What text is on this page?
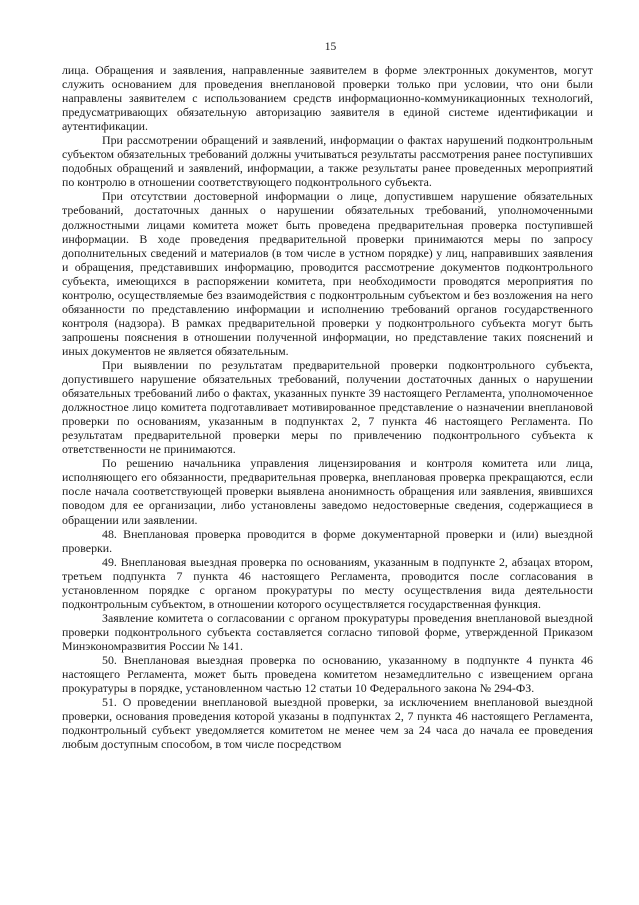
15

лица. Обращения и заявления, направленные заявителем в форме электронных документов, могут служить основанием для проведения внеплановой проверки только при условии, что они были направлены заявителем с использованием средств информационно-коммуникационных технологий, предусматривающих обязательную авторизацию заявителя в единой системе идентификации и аутентификации.

При рассмотрении обращений и заявлений, информации о фактах нарушений подконтрольным субъектом обязательных требований должны учитываться результаты рассмотрения ранее поступивших подобных обращений и заявлений, информации, а также результаты ранее проведенных мероприятий по контролю в отношении соответствующего подконтрольного субъекта.

При отсутствии достоверной информации о лице, допустившем нарушение обязательных требований, достаточных данных о нарушении обязательных требований, уполномоченными должностными лицами комитета может быть проведена предварительная проверка поступившей информации. В ходе проведения предварительной проверки принимаются меры по запросу дополнительных сведений и материалов (в том числе в устном порядке) у лиц, направивших заявления и обращения, представивших информацию, проводится рассмотрение документов подконтрольного субъекта, имеющихся в распоряжении комитета, при необходимости проводятся мероприятия по контролю, осуществляемые без взаимодействия с подконтрольным субъектом и без возложения на него обязанности по представлению информации и исполнению требований органов государственного контроля (надзора). В рамках предварительной проверки у подконтрольного субъекта могут быть запрошены пояснения в отношении полученной информации, но представление таких пояснений и иных документов не является обязательным.

При выявлении по результатам предварительной проверки подконтрольного субъекта, допустившего нарушение обязательных требований, получении достаточных данных о нарушении обязательных требований либо о фактах, указанных пункте 39 настоящего Регламента, уполномоченное должностное лицо комитета подготавливает мотивированное представление о назначении внеплановой проверки по основаниям, указанным в подпунктах 2, 7 пункта 46 настоящего Регламента. По результатам предварительной проверки меры по привлечению подконтрольного субъекта к ответственности не принимаются.

По решению начальника управления лицензирования и контроля комитета или лица, исполняющего его обязанности, предварительная проверка, внеплановая проверка прекращаются, если после начала соответствующей проверки выявлена анонимность обращения или заявления, явившихся поводом для ее организации, либо установлены заведомо недостоверные сведения, содержащиеся в обращении или заявлении.

48. Внеплановая проверка проводится в форме документарной проверки и (или) выездной проверки.

49. Внеплановая выездная проверка по основаниям, указанным в подпункте 2, абзацах втором, третьем подпункта 7 пункта 46 настоящего Регламента, проводится после согласования в установленном порядке с органом прокуратуры по месту осуществления вида деятельности подконтрольным субъектом, в отношении которого осуществляется государственная функция.

Заявление комитета о согласовании с органом прокуратуры проведения внеплановой выездной проверки подконтрольного субъекта составляется согласно типовой форме, утвержденной Приказом Минэкономразвития России № 141.

50. Внеплановая выездная проверка по основанию, указанному в подпункте 4 пункта 46 настоящего Регламента, может быть проведена комитетом незамедлительно с извещением органа прокуратуры в порядке, установленном частью 12 статьи 10 Федерального закона № 294-ФЗ.

51. О проведении внеплановой выездной проверки, за исключением внеплановой выездной проверки, основания проведения которой указаны в подпунктах 2, 7 пункта 46 настоящего Регламента, подконтрольный субъект уведомляется комитетом не менее чем за 24 часа до начала ее проведения любым доступным способом, в том числе посредством
